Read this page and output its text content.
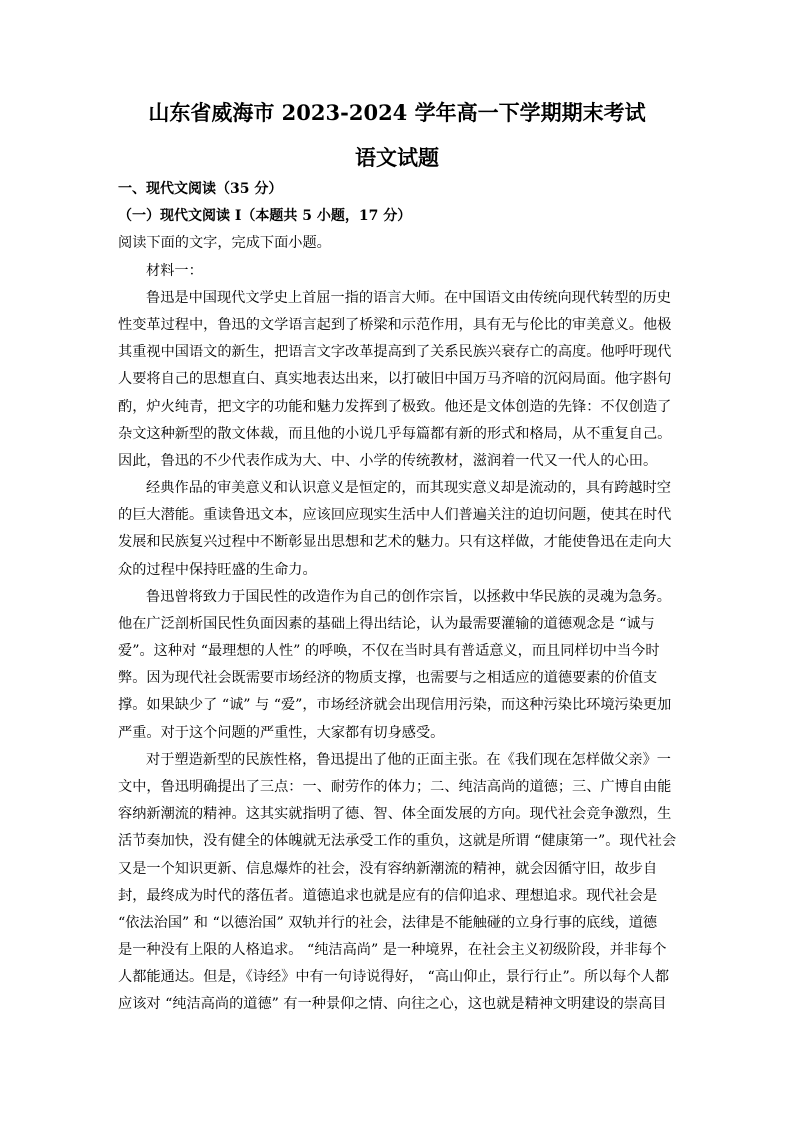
山东省威海市 2023-2024 学年高一下学期期末考试
语文试题
一、现代文阅读（35 分）
（一）现代文阅读 I（本题共 5 小题，17 分）
阅读下面的文字，完成下面小题。
材料一：
鲁迅是中国现代文学史上首屈一指的语言大师。在中国语文由传统向现代转型的历史
性变革过程中，鲁迅的文学语言起到了桥梁和示范作用，具有无与伦比的审美意义。他极
其重视中国语文的新生，把语言文字改革提高到了关系民族兴衰存亡的高度。他呼吁现代
人要将自己的思想直白、真实地表达出来，以打破旧中国万马齐喑的沉闷局面。他字斟句
酌，炉火纯青，把文字的功能和魅力发挥到了极致。他还是文体创造的先锋：不仅创造了
杂文这种新型的散文体裁，而且他的小说几乎每篇都有新的形式和格局，从不重复自己。
因此，鲁迅的不少代表作成为大、中、小学的传统教材，滋润着一代又一代人的心田。
经典作品的审美意义和认识意义是恒定的，而其现实意义却是流动的，具有跨越时空
的巨大潜能。重读鲁迅文本，应该回应现实生活中人们普遍关注的迫切问题，使其在时代
发展和民族复兴过程中不断彰显出思想和艺术的魅力。只有这样做，才能使鲁迅在走向大
众的过程中保持旺盛的生命力。
鲁迅曾将致力于国民性的改造作为自己的创作宗旨，以拯救中华民族的灵魂为急务。
他在广泛剖析国民性负面因素的基础上得出结论，认为最需要灌输的道德观念是 “诚与
爱”。这种对 “最理想的人性” 的呼唤，不仅在当时具有普适意义，而且同样切中当今时
弊。因为现代社会既需要市场经济的物质支撑，也需要与之相适应的道德要素的价值支
撑。如果缺少了 “诚” 与 “爱”，市场经济就会出现信用污染，而这种污染比环境污染更加
严重。对于这个问题的严重性，大家都有切身感受。
对于塑造新型的民族性格，鲁迅提出了他的正面主张。在《我们现在怎样做父亲》一
文中，鲁迅明确提出了三点：一、耐劳作的体力；二、纯洁高尚的道德；三、广博自由能
容纳新潮流的精神。这其实就指明了德、智、体全面发展的方向。现代社会竞争激烈，生
活节奏加快，没有健全的体魄就无法承受工作的重负，这就是所谓 “健康第一”。现代社会
又是一个知识更新、信息爆炸的社会，没有容纳新潮流的精神，就会因循守旧，故步自
封，最终成为时代的落伍者。道德追求也就是应有的信仰追求、理想追求。现代社会是
“依法治国” 和 “以德治国” 双轨并行的社会，法律是不能触碰的立身行事的底线，道德
是一种没有上限的人格追求。 “纯洁高尚” 是一种境界，在社会主义初级阶段，并非每个
人都能通达。但是，《诗经》中有一句诗说得好， “高山仰止，景行行止”。所以每个人都
应该对 “纯洁高尚的道德” 有一种景仰之情、向往之心，这也就是精神文明建设的崇高目
